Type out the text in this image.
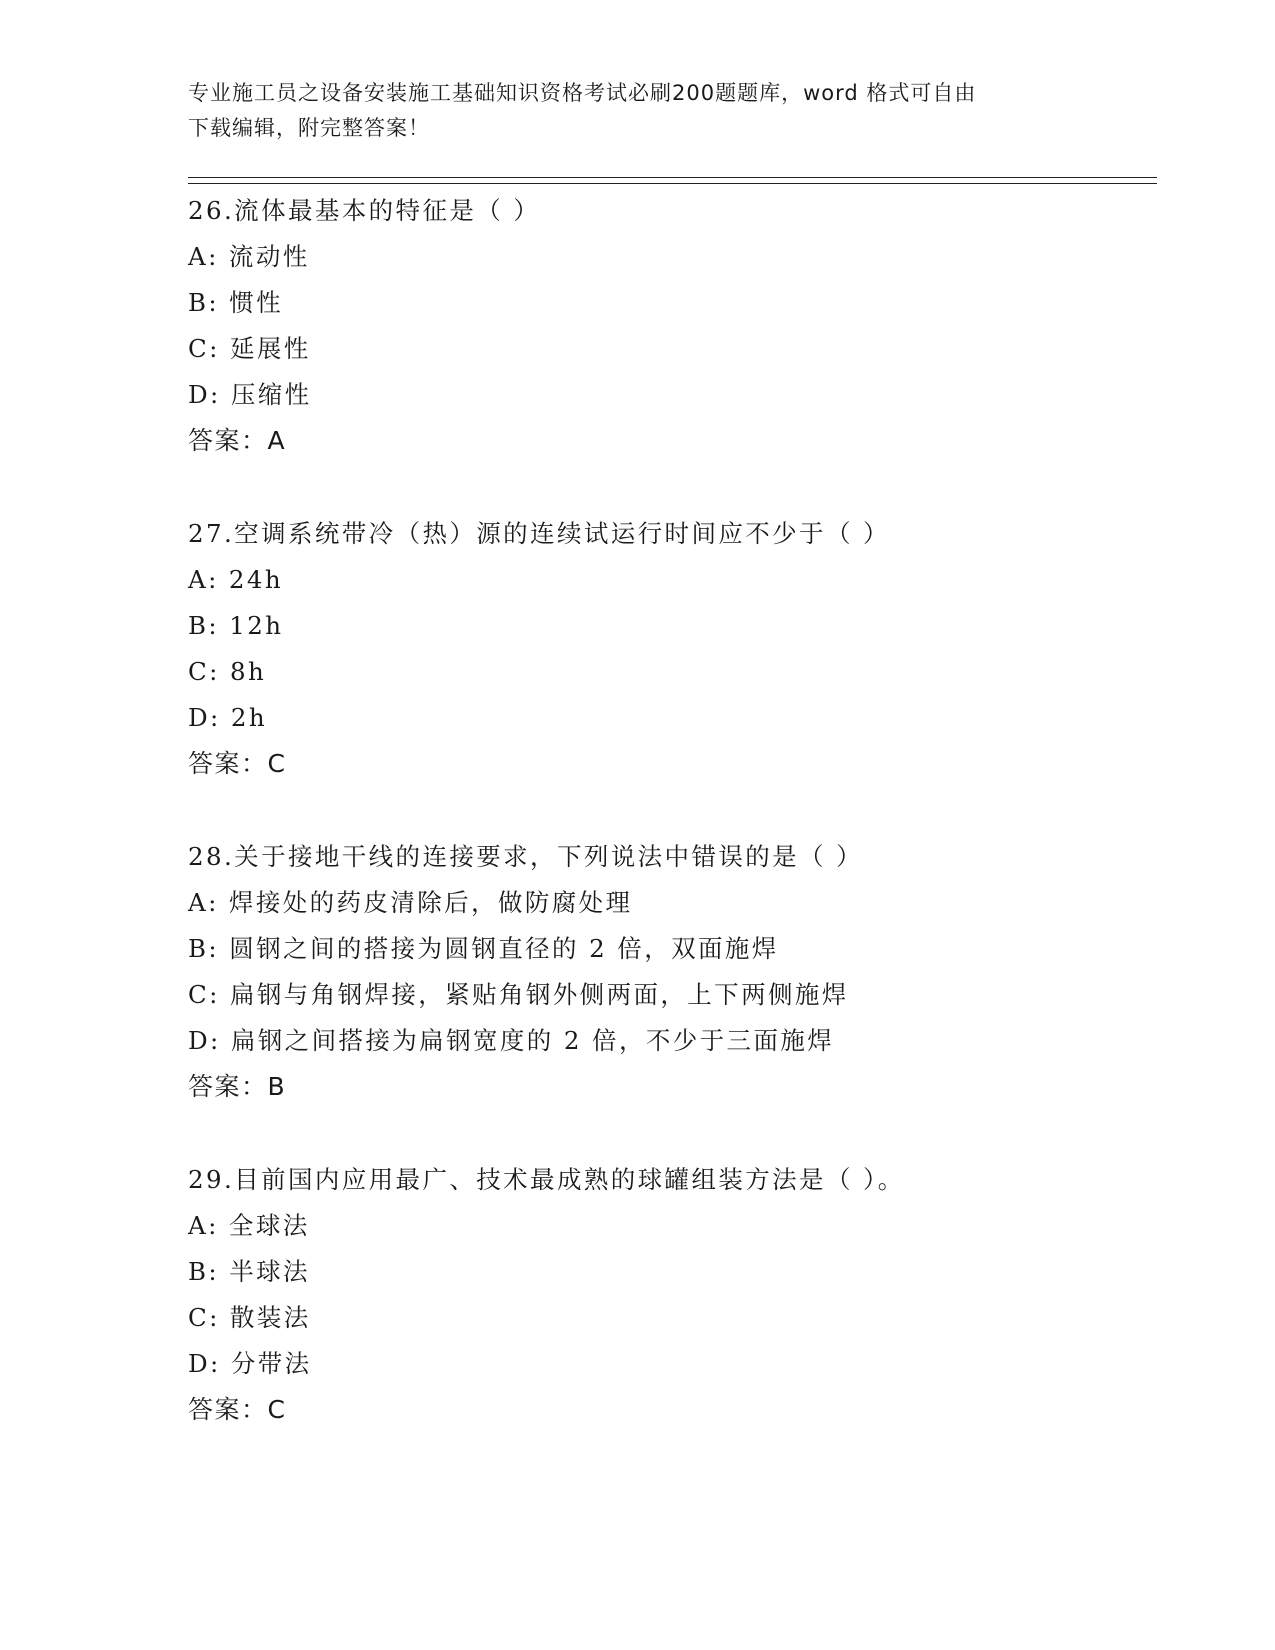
专业施工员之设备安装施工基础知识资格考试必刷200题题库，word 格式可自由
下载编辑，附完整答案！
26.流体最基本的特征是（ ）
A: 流动性
B: 惯性
C: 延展性
D: 压缩性
答案：A
27.空调系统带冷（热）源的连续试运行时间应不少于（ ）
A: 24h
B: 12h
C: 8h
D: 2h
答案：C
28.关于接地干线的连接要求，下列说法中错误的是（ ）
A: 焊接处的药皮清除后，做防腐处理
B: 圆钢之间的搭接为圆钢直径的 2 倍，双面施焊
C: 扁钢与角钢焊接，紧贴角钢外侧两面，上下两侧施焊
D: 扁钢之间搭接为扁钢宽度的 2 倍，不少于三面施焊
答案：B
29.目前国内应用最广、技术最成熟的球罐组装方法是（ ）。
A: 全球法
B: 半球法
C: 散装法
D: 分带法
答案：C
